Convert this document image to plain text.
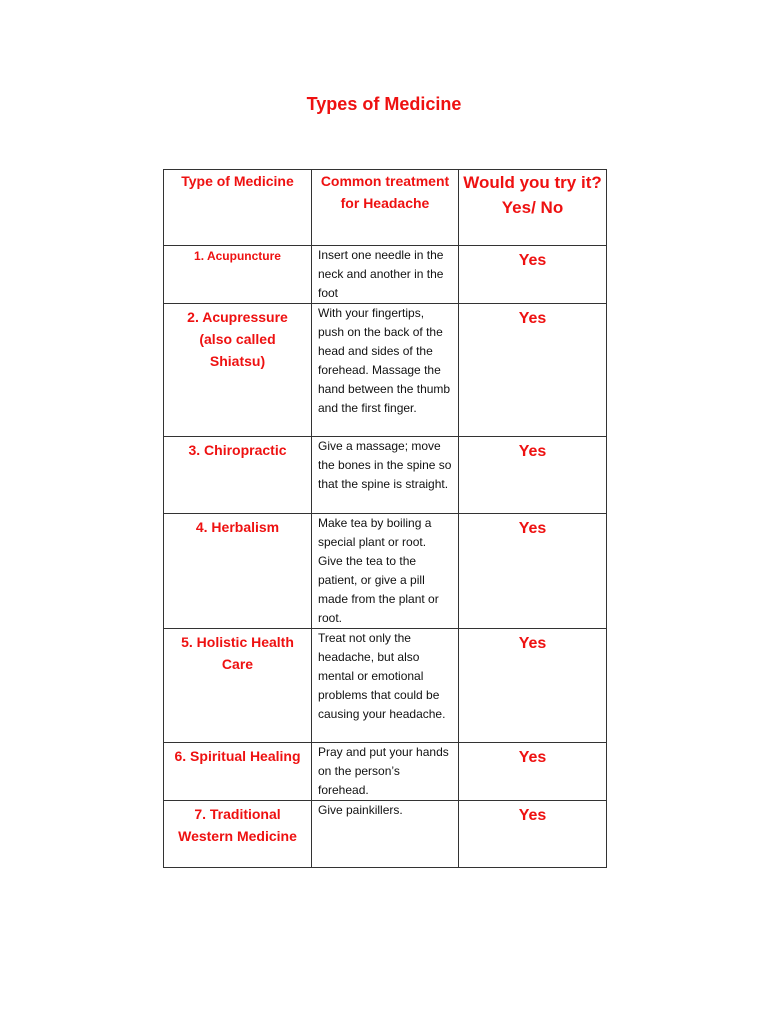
Types of Medicine
Type of Medicine	Common treatment for Headache	Would you try it? Yes/ No

1. Acupuncture	Insert one needle in the neck and another in the foot	Yes

2. Acupressure (also called Shiatsu)	With your fingertips, push on the back of the head and sides of the forehead. Massage the hand between the thumb and the first finger.	Yes

3. Chiropractic	Give a massage; move the bones in the spine so that the spine is straight.	Yes

4. Herbalism	Make tea by boiling a special plant or root. Give the tea to the patient, or give a pill made from the plant or root.	Yes

5. Holistic Health Care	Treat not only the headache, but also mental or emotional problems that could be causing your headache.	Yes

6. Spiritual Healing	Pray and put your hands on the person’s forehead.	Yes

7. Traditional Western Medicine	Give painkillers.	Yes
